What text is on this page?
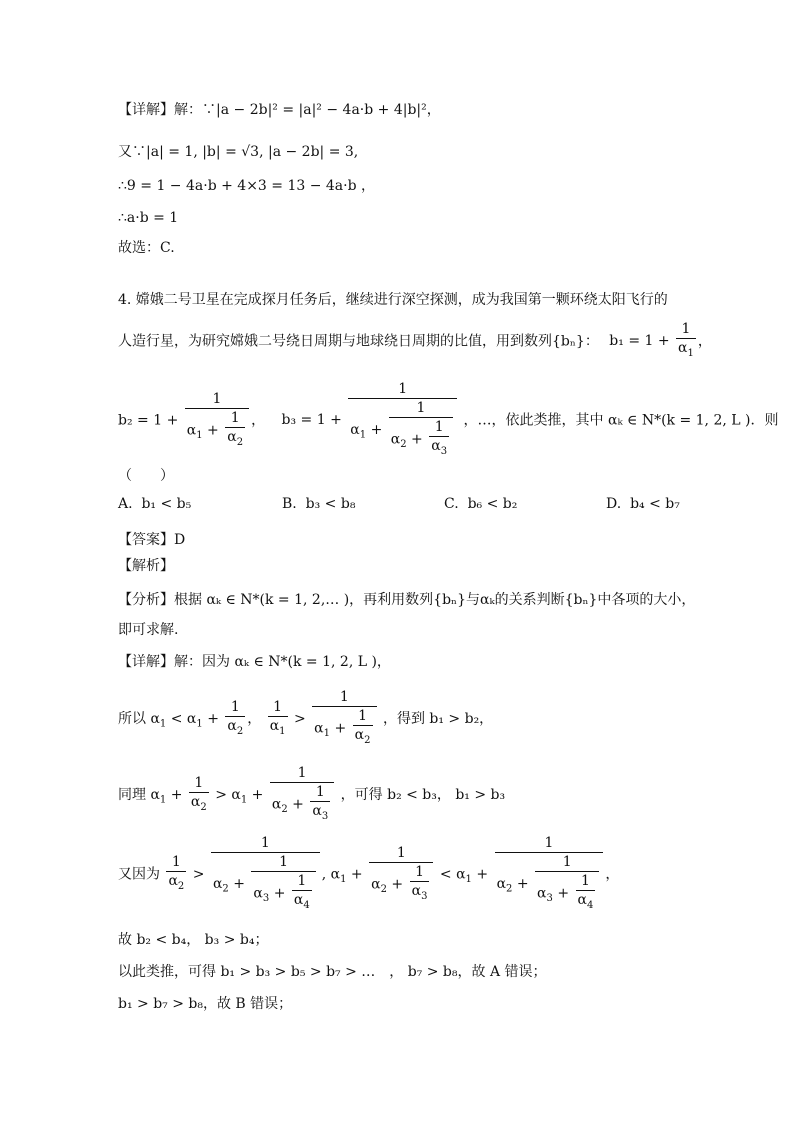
【详解】解：∵|a − 2b|² = |a|² − 4a·b + 4|b|²，
又∵|a| = 1, |b| = √3, |a − 2b| = 3,
∴9 = 1 − 4a·b + 4×3 = 13 − 4a·b ，
∴a·b = 1
故选：C.
4. 嫦娥二号卫星在完成探月任务后，继续进行深空探测，成为我国第一颗环绕太阳飞行的
人造行星，为研究嫦娥二号绕日周期与地球绕日周期的比值，用到数列{bₙ}： $b_1 = 1 + \frac{1}{\alpha_1}$ ，
$b_2 = 1 + \frac{1}{\alpha_1 + \frac{1}{\alpha_2}}$ ， $b_3 = 1 + \frac{1}{\alpha_1 + \frac{1}{\alpha_2 + \frac{1}{\alpha_3}}}$ ，…，依此类推，其中 αₖ ∈ N*(k = 1, 2, L )．则
（　　）
A. b₁ < b₅	B. b₃ < b₈	C. b₆ < b₂	D. b₄ < b₇
【答案】D
【解析】
【分析】根据 αₖ ∈ N*(k = 1, 2,… )，再利用数列{bₙ}与αₖ的关系判断{bₙ}中各项的大小，
即可求解.
【详解】解：因为 αₖ ∈ N*(k = 1, 2, L )，
所以 $\alpha_1 < \alpha_1 + \frac{1}{\alpha_2}$ ， $\frac{1}{\alpha_1} > \frac{1}{\alpha_1 + \frac{1}{\alpha_2}}$ ，得到 b₁ > b₂，
同理 $\alpha_1 + \frac{1}{\alpha_2} > \alpha_1 + \frac{1}{\alpha_2 + \frac{1}{\alpha_3}}$ ，可得 b₂ < b₃， b₁ > b₃
又因为 $\frac{1}{\alpha_2} > \frac{1}{\alpha_2 + \frac{1}{\alpha_3 + \frac{1}{\alpha_4}}}$ , $\alpha_1 + \frac{1}{\alpha_2 + \frac{1}{\alpha_3}} < \alpha_1 + \frac{1}{\alpha_2 + \frac{1}{\alpha_3 + \frac{1}{\alpha_4}}}$ ，
故 b₂ < b₄， b₃ > b₄；
以此类推，可得 b₁ > b₃ > b₅ > b₇ > …　， b₇ > b₈，故 A 错误；
b₁ > b₇ > b₈，故 B 错误；
